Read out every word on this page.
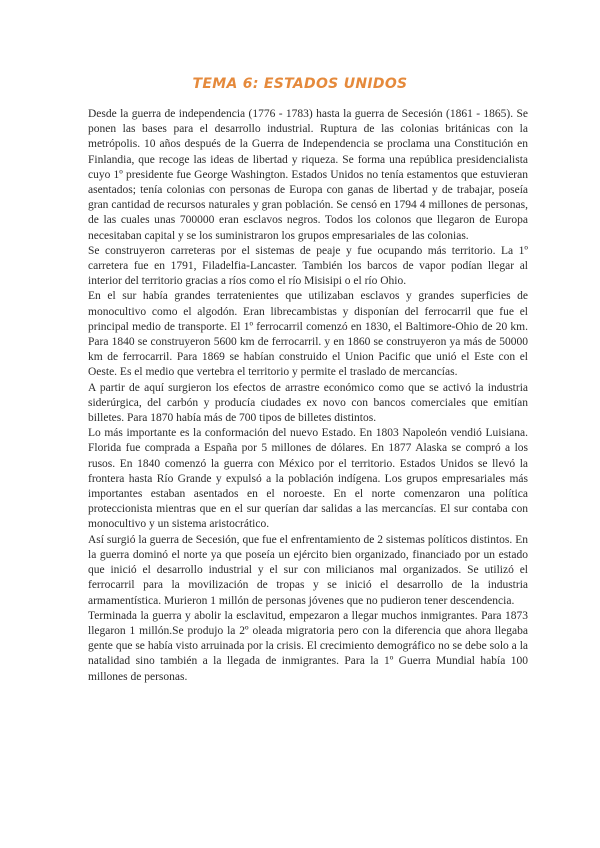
TEMA 6: ESTADOS UNIDOS

Desde la guerra de independencia (1776 - 1783) hasta la guerra de Secesión (1861 - 1865). Se ponen las bases para el desarrollo industrial. Ruptura de las colonias británicas con la metrópolis. 10 años después de la Guerra de Independencia se proclama una Constitución en Finlandia, que recoge las ideas de libertad y riqueza. Se forma una república presidencialista cuyo 1º presidente fue George Washington. Estados Unidos no tenía estamentos que estuvieran asentados; tenía colonias con personas de Europa con ganas de libertad y de trabajar, poseía gran cantidad de recursos naturales y gran población. Se censó en 1794 4 millones de personas, de las cuales unas 700000 eran esclavos negros. Todos los colonos que llegaron de Europa necesitaban capital y se los suministraron los grupos empresariales de las colonias.

Se construyeron carreteras por el sistemas de peaje y fue ocupando más territorio. La 1º carretera fue en 1791, Filadelfia-Lancaster. También los barcos de vapor podían llegar al interior del territorio gracias a ríos como el río Misisipi o el río Ohio.

En el sur había grandes terratenientes que utilizaban esclavos y grandes superficies de monocultivo como el algodón. Eran librecambistas y disponían del ferrocarril que fue el principal medio de transporte. El 1º ferrocarril comenzó en 1830, el Baltimore-Ohio de 20 km. Para 1840 se construyeron 5600 km de ferrocarril. y en 1860 se construyeron ya más de 50000 km de ferrocarril. Para 1869 se habían construido el Union Pacific que unió el Este con el Oeste. Es el medio que vertebra el territorio y permite el traslado de mercancías.

A partir de aquí surgieron los efectos de arrastre económico como que se activó la industria siderúrgica, del carbón y producía ciudades ex novo con bancos comerciales que emitían billetes. Para 1870 había más de 700 tipos de billetes distintos.

Lo más importante es la conformación del nuevo Estado. En 1803 Napoleón vendió Luisiana. Florida fue comprada a España por 5 millones de dólares. En 1877 Alaska se compró a los rusos. En 1840 comenzó la guerra con México por el territorio. Estados Unidos se llevó la frontera hasta Río Grande y expulsó a la población indígena. Los grupos empresariales más importantes estaban asentados en el noroeste. En el norte comenzaron una política proteccionista mientras que en el sur querían dar salidas a las mercancías. El sur contaba con monocultivo y un sistema aristocrático.

Así surgió la guerra de Secesión, que fue el enfrentamiento de 2 sistemas políticos distintos. En la guerra dominó el norte ya que poseía un ejército bien organizado, financiado por un estado que inició el desarrollo industrial y el sur con milicianos mal organizados. Se utilizó el ferrocarril para la movilización de tropas y se inició el desarrollo de la industria armamentística. Murieron 1 millón de personas jóvenes que no pudieron tener descendencia.

Terminada la guerra y abolir la esclavitud, empezaron a llegar muchos inmigrantes. Para 1873 llegaron 1 millón.Se produjo la 2º oleada migratoria pero con la diferencia que ahora llegaba gente que se había visto arruinada por la crisis. El crecimiento demográfico no se debe solo a la natalidad sino también a la llegada de inmigrantes. Para la 1º Guerra Mundial había 100 millones de personas.
